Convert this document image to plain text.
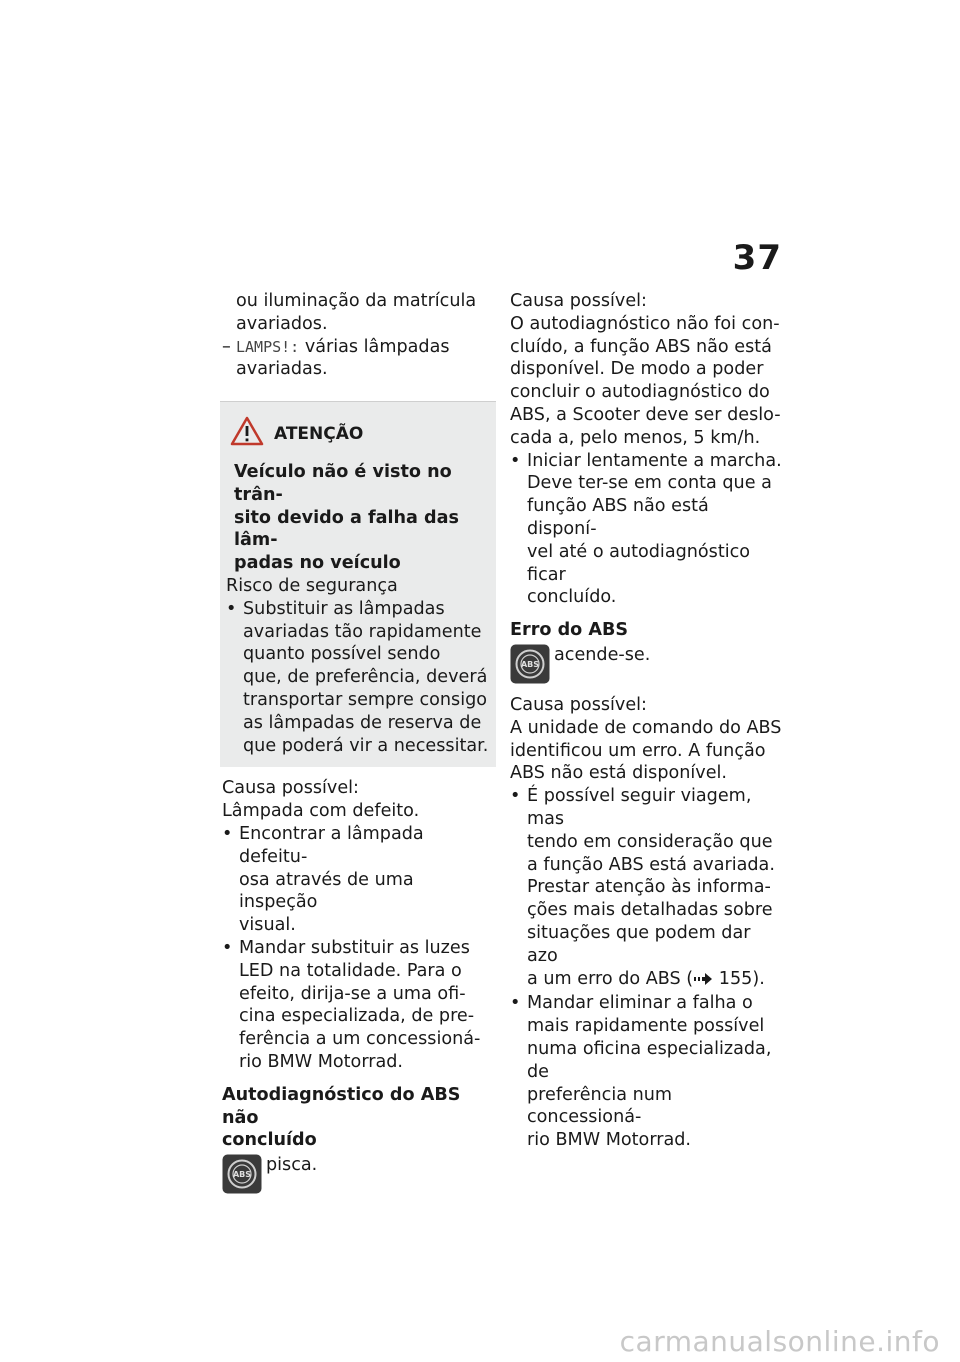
37

ou iluminação da matrícula
avariados.

– LAMPS!: várias lâmpadas
avariadas.

ATENÇÃO

Veículo não é visto no trân-
sito devido a falha das lâm-
padas no veículo

Risco de segurança

• Substituir as lâmpadas
avariadas tão rapidamente
quanto possível sendo
que, de preferência, deverá
transportar sempre consigo
as lâmpadas de reserva de
que poderá vir a necessitar.

Causa possível:

Lâmpada com defeito.

• Encontrar a lâmpada defeitu-
osa através de uma inspeção
visual.

• Mandar substituir as luzes
LED na totalidade. Para o
efeito, dirija-se a uma ofi-
cina especializada, de pre-
ferência a um concessioná-
rio BMW Motorrad.

Autodiagnóstico do ABS não
concluído

ABS pisca.

Causa possível:

O autodiagnóstico não foi con-
cluído, a função ABS não está
disponível. De modo a poder
concluir o autodiagnóstico do
ABS, a Scooter deve ser deslo-
cada a, pelo menos, 5 km/h.

• Iniciar lentamente a marcha.
Deve ter-se em conta que a
função ABS não está disponí-
vel até o autodiagnóstico ficar
concluído.

Erro do ABS

ABS acende-se.

Causa possível:

A unidade de comando do ABS
identificou um erro. A função
ABS não está disponível.

• É possível seguir viagem, mas
tendo em consideração que
a função ABS está avariada.
Prestar atenção às informa-
ções mais detalhadas sobre
situações que podem dar azo
a um erro do ABS ( 155).

• Mandar eliminar a falha o
mais rapidamente possível
numa oficina especializada, de
preferência num concessioná-
rio BMW Motorrad.

carmanualsonline.info
